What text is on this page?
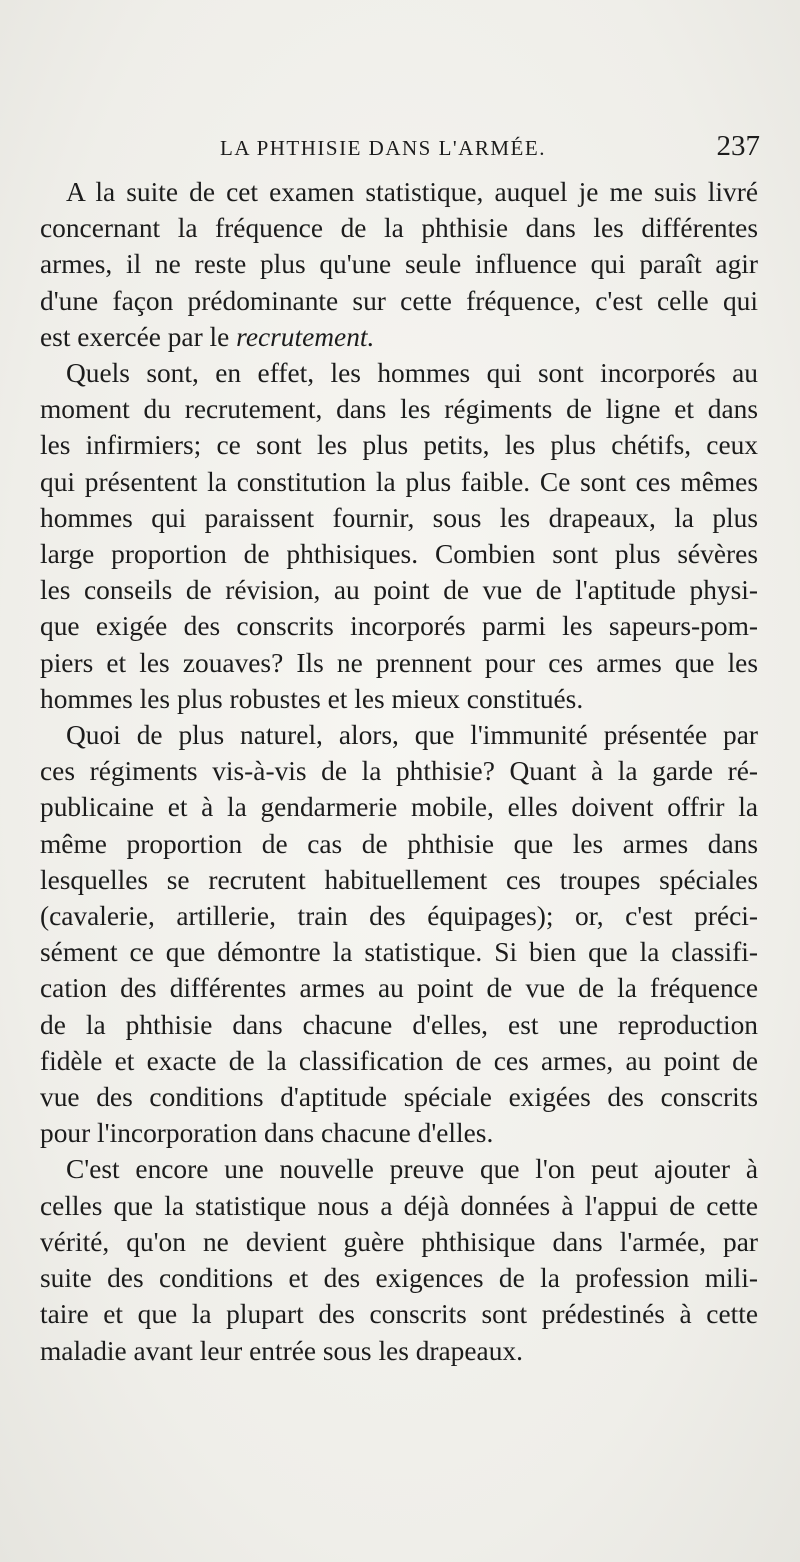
LA PHTHISIE DANS L'ARMÉE.	237

A la suite de cet examen statistique, auquel je me suis livré
concernant la fréquence de la phthisie dans les différentes
armes, il ne reste plus qu'une seule influence qui paraît agir
d'une façon prédominante sur cette fréquence, c'est celle qui
est exercée par le recrutement.

Quels sont, en effet, les hommes qui sont incorporés au
moment du recrutement, dans les régiments de ligne et dans
les infirmiers; ce sont les plus petits, les plus chétifs, ceux
qui présentent la constitution la plus faible. Ce sont ces mêmes
hommes qui paraissent fournir, sous les drapeaux, la plus
large proportion de phthisiques. Combien sont plus sévères
les conseils de révision, au point de vue de l'aptitude physi-
que exigée des conscrits incorporés parmi les sapeurs-pom-
piers et les zouaves? Ils ne prennent pour ces armes que les
hommes les plus robustes et les mieux constitués.

Quoi de plus naturel, alors, que l'immunité présentée par
ces régiments vis-à-vis de la phthisie? Quant à la garde ré-
publicaine et à la gendarmerie mobile, elles doivent offrir la
même proportion de cas de phthisie que les armes dans
lesquelles se recrutent habituellement ces troupes spéciales
(cavalerie, artillerie, train des équipages); or, c'est préci-
sément ce que démontre la statistique. Si bien que la classifi-
cation des différentes armes au point de vue de la fréquence
de la phthisie dans chacune d'elles, est une reproduction
fidèle et exacte de la classification de ces armes, au point de
vue des conditions d'aptitude spéciale exigées des conscrits
pour l'incorporation dans chacune d'elles.

C'est encore une nouvelle preuve que l'on peut ajouter à
celles que la statistique nous a déjà données à l'appui de cette
vérité, qu'on ne devient guère phthisique dans l'armée, par
suite des conditions et des exigences de la profession mili-
taire et que la plupart des conscrits sont prédestinés à cette
maladie avant leur entrée sous les drapeaux.
